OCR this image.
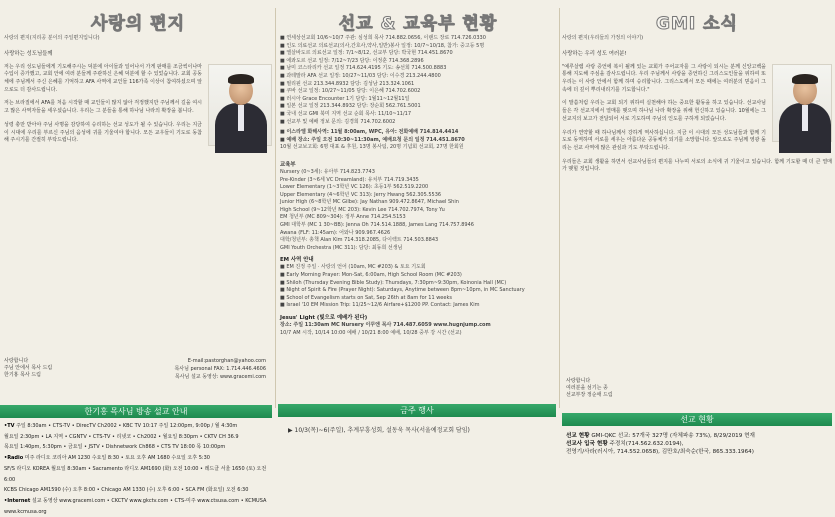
사랑의 편지
사랑의 편지(지리공 분이의 주일편지입니다)
사랑하는 성도님들께
저는 우리 성도님들에게 기도해주시는 덕분에 아이들과 일어나서 가게 판매를 조금씩이나마 수입이 증가했고, 교회 안에 여러 분들께 주관하신 은혜 덕분에 할 수 있었습니다. 교회 공동체에 주님께서 주신 은혜를 기억하고 AFA 사역에 교인들 116가족 이상이 참여하셨으며 앞으로도 더 감사드립니다.
저는 브라질에서 AFA를 처음 시작할 때 교인들이 많지 않아 걱정했지만 주님께서 길을 여시고 많은 사역자들을 세우셨습니다. 우리는 그 분들을 통해 하나님 나라의 확장을 봅니다.
성령 충만 받아야 주님 사명을 감당하여 승리하는 선교 성도가 될 수 있습니다. 우리는 지금 이 시대에 우리를 부르신 주님의 음성에 귀를 기울여야 합니다. 모든 교우들이 기도로 동참해 주시기를 간절히 부탁드립니다.
사랑합니다
주님 안에서 목사 드림
한기홍 목사 드림
E-mail:pastorghan@yahoo.com
목사님 personal FAX: 1.714.446.4606
목사님 설교 동영상: www.gracemi.com
선교 & 교육부 현황
■ 연세상선교회 10/6~10/7 주관: 심성희 목사 714.882.0656, 이랜드 장로 714.726.0330
■ 인도 의료선교 의료선교(의사,간호사,약사,일반)봉사 일정: 10/7~10/18, 참가: 중고등 5명
■ 엘살바도르 의료선교 일정: 7/1~8/12, 선교부 담당: 박국현 714.451.8670
■ 에콰도르 선교 일정: 7/12~7/23 담당: 이정훈 714.368.2896
■ 남미 코스타리카 선교 일정 714.624.4195 기도: 송선희 714.500.8883
■ 과테말라 AFA 선교 일정: 10/27~11/03 담당: 이수경 213.244.4800
■ 필리핀 선교 213.344.8932 담당: 김성남 213.324.1061
■ 쿠바 선교 일정: 10/27~11/05 담당: 이은혜 714.702.6002
■ 러시아 Grace Encounter 1기 담당: 1월11~12월11일
■ 일본 선교 일정 213.344.8932 담당: 장순회 562.761.5001
■ 국내 선교 GMI 북미 지역 선교 순회 목사: 11/10~11/17
■ 선교부 및 예배 정보 문의: 김경희 714.702.6002
■ 이스라엘 화해사역: 11월 8:00am, WPC, 유아: 전화예배 714.814.4414
■ 예배 장소: 주일 오전 10:30~11:30am, 예배요청 문의 일정 714.451.8670
10월 선교보고회: 6명 대표 & 후원, 13명 봉사팀, 20명 기념회 선교회, 27명 한회원
교육부
Nursery (0~3세): 유아부 714.823.7743
Pre-Kinder (3~6세 VC Dreamland): 유치부 714.719.3435
Lower Elementary (1~3학년 VC 126): 초등1부 562.519.2200
Upper Elementary (4~6학년 VC 313): Jerry Hwang 562.305.5536
Junior High (6~8학년 MC Gilbe): Jay Nathan 909.472.8647, Michael Shin
High School (9~12학년 MC 203): Kevin Lee 714.702.7974, Tony Yu
EM 청년부 (MC 809~304): 정부 Anne 714.254.5153
GMI 대학부 (MC 1 30~BB): Jenna Oh 714.514.1888, James Lang 714.757.8946
Awana (FLF: 11:45am): 어와나 909.967.4626
대학/청년부: 총책 Alan Kim 714.318.2085, 다이렉트 714.503.8843
GMI Youth Orchestra (MC 311): 담당: 최동희 선생님
EM 사역 안내
■ EM 진정 주일 · 사랑의 언어 (10am, MC #203) & 토요 기도회
■ Early Morning Prayer: Mon-Sat, 6:00am, High School Room (MC #203)
■ Shiloh (Thursday Evening Bible Study): Thursdays, 7:30pm~9:30pm, Koinonia Hall (MC)
■ Night of Spirit & Fire (Prayer Night): Saturdays, Anytime between 8pm~10pm, in MC Sanctuary
■ School of Evangelism starts on Sat, Sep 26th at 8am for 11 weeks
■ Israel '10 EM Mission Trip: 11/25~12/6 Airfare+$1200 PP. Contact: James Kim
Jesus' Light (빛으로 예배가 된다)
장소: 주일 11:30am MC Nursery 이꾸엔 목사 714.487.6059 www.hugnjump.com
10/7 AM 시작, 10/14 10:00 예배 / 10/21 8:00 예배, 10/28 중부 강 시간 (선교)
GMI 소식
사랑의 편지(우리들의 가정의 이야기)
사랑하는 우리 성도 여러분!
"예루살렘 사랑 증언에 복이 될께 있는 교회가 주어교자를 그 사랑이 되시는 분께 신앙고백을 통해 지도해 주심을 감사드립니다. 우리 주님께서 사랑을 증언하신 그리스도인들을 위하여 또 우리는 이 사랑 안에서 함께 하며 승리합니다. 그리스도께서 모든 때에는 여러분의 믿음이 그 속에 더 깊이 뿌리내리기를 기도합니다."
이 말씀처럼 우리는 교회 되기 위하여 실천해야 하는 중요한 활동을 하고 있습니다. 선교사님들은 각 선교지에서 열매를 맺으며 하나님 나라 확장을 위해 헌신하고 있습니다. 10월에는 그 선교지의 보고가 전달되어 서로 기도하며 주님의 인도를 구하게 되었습니다.
우리가 연약할 때 하나님께서 강하게 역사하십니다. 지금 이 시대의 모든 성도님들과 함께 기도로 동역하며 서로를 세우는 아름다운 공동체가 되기를 소망합니다. 앞으로도 주님께 영광 돌리는 선교 사역에 많은 관심과 기도 부탁드립니다.
우리들은 교회 생활을 하면서 선교사님들의 편지를 나누며 서로의 소식에 귀 기울이고 있습니다. 함께 기도할 때 더 큰 열매가 맺힐 것입니다.
사랑합니다
여러분을 섬기는 종
선교부장 정순애 드림
한기홍 목사님 방송 설교 안내	금주 행사
선교 현황
•TV 주일 8:30am • CTS-TV • DirecTV Ch2002 • KBC TV 10:17 주일 12:00pm, 9:00p / 월 4:30m
월요일 2:30pm • LA 지역 • CGNTV • CTS-TV • 리넷코 • Ch2002 • 월요일 8:30pm • CKTV CH 36.9
목요일 1:40pm, 5:30pm • 금요일 • JSTV • Dishnetwork Ch868 • CTS TV 18:00 목 10:00pm
•Radio 미주 라디오 코리아 AM 1230 수요일 8:30 • 토요 오후 AM 1680 수요일 오후 5:30
SF/S 라디오 KOREA 월요일 8:30am • Sacramento 라디오 AM1690 (화) 오전 10:00 • 레드클 서울 1650 (토) 오전 6:00
KCBS Chicago AM1590 (수) 오후 8:00 • Chicago AM 1330 (수) 오후 6:00 • SCA FM (화요일) 오전 6:30
•Internet 설교 동영상 www.gracemi.com • CKCTV www.gkctv.com • CTS-미주 www.ctsusa.com • KCMUSA www.kcmusa.org
▶ 10/3(목)~6(주일), 추계부흥성회, 설동욱 목사(서울예정교회 담임)
선교 현황 GMI-QKC 선교: 57개국 327명 (자체파송 73%), 8/29/2019 현재
선교사 입국 현황 주경치(714.562.632.0194),
전영기/사라(러시아, 714.552.0658), 김만호/최숙순(한국, 865.333.1964)
